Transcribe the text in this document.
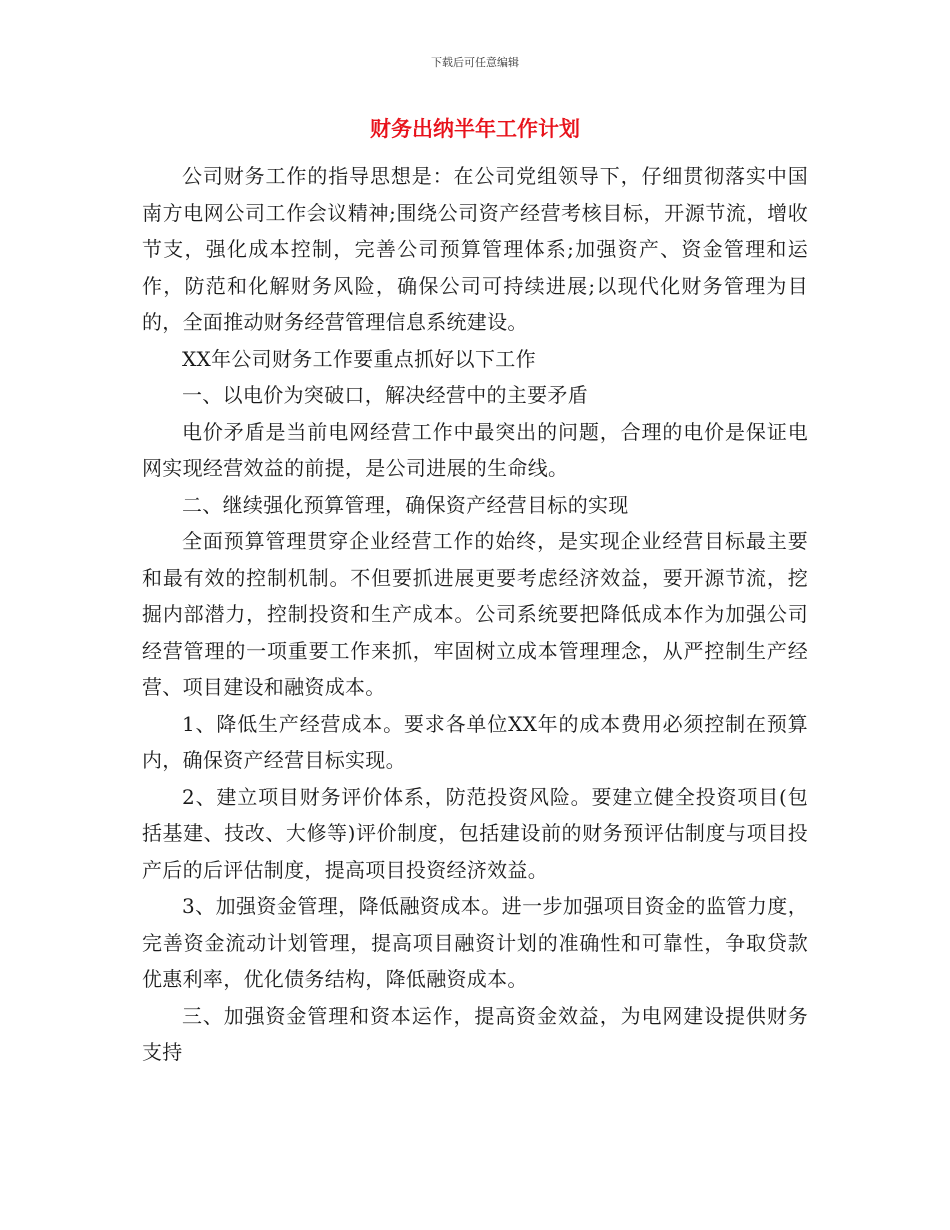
下载后可任意编辑
财务出纳半年工作计划

公司财务工作的指导思想是：在公司党组领导下，仔细贯彻落实中国南方电网公司工作会议精神;围绕公司资产经营考核目标，开源节流，增收节支，强化成本控制，完善公司预算管理体系;加强资产、资金管理和运作，防范和化解财务风险，确保公司可持续进展;以现代化财务管理为目的，全面推动财务经营管理信息系统建设。

XX年公司财务工作要重点抓好以下工作

一、以电价为突破口，解决经营中的主要矛盾

电价矛盾是当前电网经营工作中最突出的问题，合理的电价是保证电网实现经营效益的前提，是公司进展的生命线。

二、继续强化预算管理，确保资产经营目标的实现

全面预算管理贯穿企业经营工作的始终，是实现企业经营目标最主要和最有效的控制机制。不但要抓进展更要考虑经济效益，要开源节流，挖掘内部潜力，控制投资和生产成本。公司系统要把降低成本作为加强公司经营管理的一项重要工作来抓，牢固树立成本管理理念，从严控制生产经营、项目建设和融资成本。

1、降低生产经营成本。要求各单位XX年的成本费用必须控制在预算内，确保资产经营目标实现。

2、建立项目财务评价体系，防范投资风险。要建立健全投资项目(包括基建、技改、大修等)评价制度，包括建设前的财务预评估制度与项目投产后的后评估制度，提高项目投资经济效益。

3、加强资金管理，降低融资成本。进一步加强项目资金的监管力度，完善资金流动计划管理，提高项目融资计划的准确性和可靠性，争取贷款优惠利率，优化债务结构，降低融资成本。

三、加强资金管理和资本运作，提高资金效益，为电网建设提供财务支持
